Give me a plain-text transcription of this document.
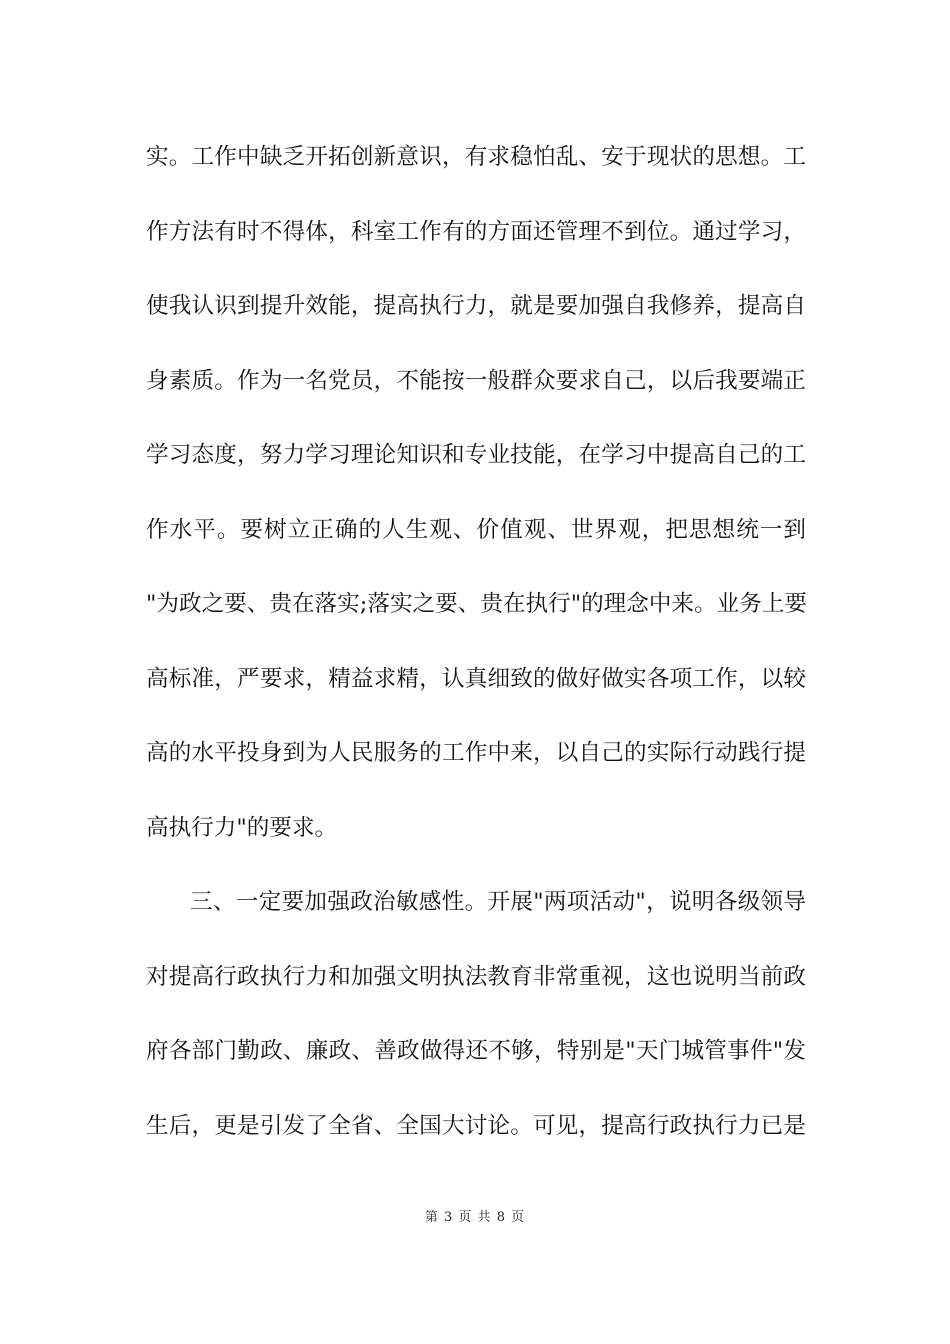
实。工作中缺乏开拓创新意识，有求稳怕乱、安于现状的思想。工
作方法有时不得体，科室工作有的方面还管理不到位。通过学习，
使我认识到提升效能，提高执行力，就是要加强自我修养，提高自
身素质。作为一名党员，不能按一般群众要求自己，以后我要端正
学习态度，努力学习理论知识和专业技能，在学习中提高自己的工
作水平。要树立正确的人生观、价值观、世界观，把思想统一到
"为政之要、贵在落实;落实之要、贵在执行"的理念中来。业务上要
高标准，严要求，精益求精，认真细致的做好做实各项工作，以较
高的水平投身到为人民服务的工作中来，以自己的实际行动践行提
高执行力"的要求。
三、一定要加强政治敏感性。开展"两项活动"，说明各级领导
对提高行政执行力和加强文明执法教育非常重视，这也说明当前政
府各部门勤政、廉政、善政做得还不够，特别是"天门城管事件"发
生后，更是引发了全省、全国大讨论。可见，提高行政执行力已是
第 3 页 共 8 页
